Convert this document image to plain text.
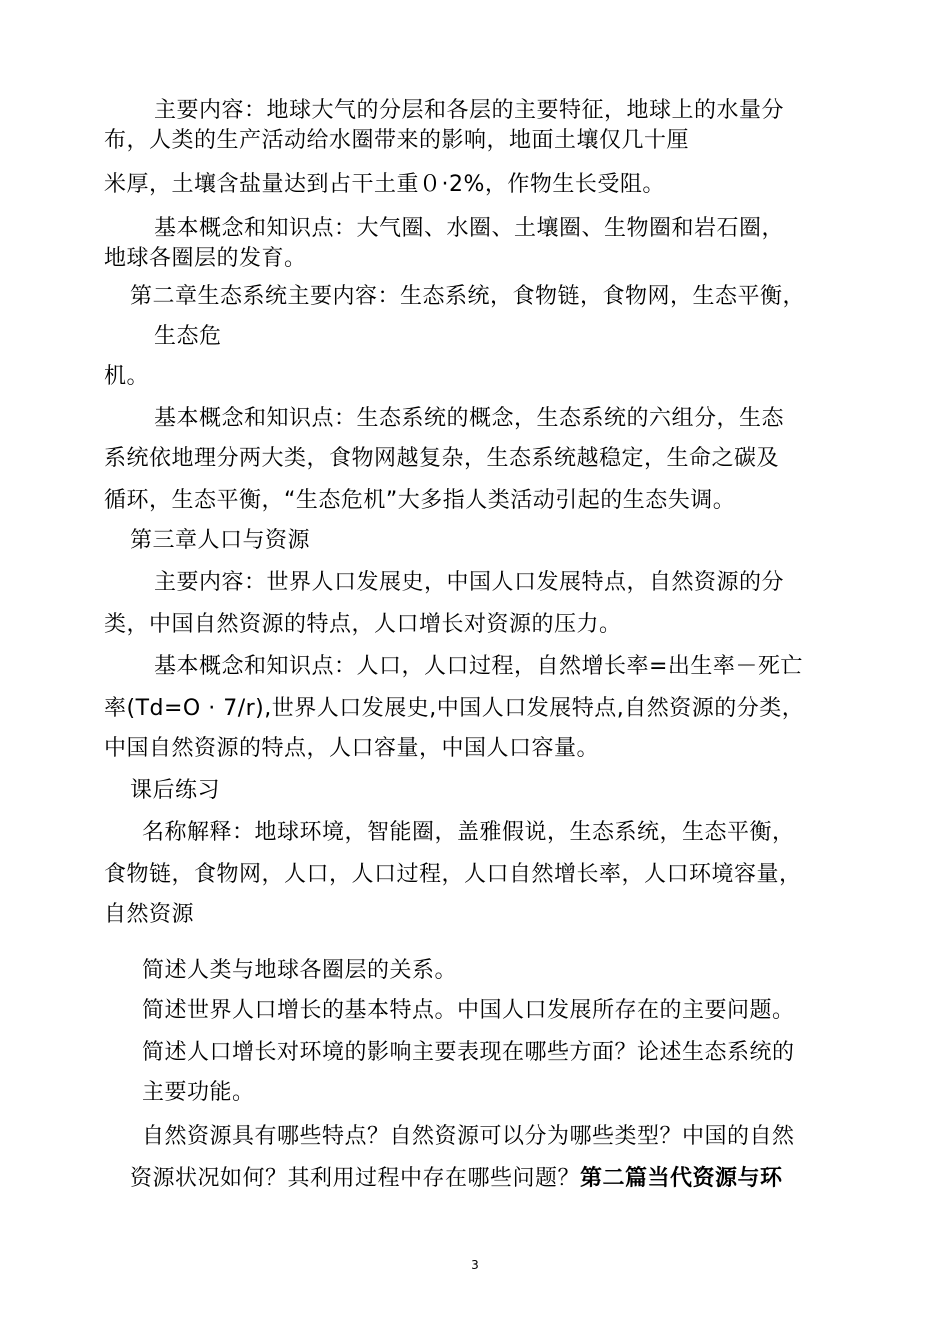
主要内容：地球大气的分层和各层的主要特征，地球上的水量分
布，人类的生产活动给水圈带来的影响，地面土壤仅几十厘
米厚，土壤含盐量达到占干土重０·2%，作物生长受阻。
基本概念和知识点：大气圈、水圈、土壤圈、生物圈和岩石圈，
地球各圈层的发育。
第二章生态系统主要内容：生态系统，食物链，食物网，生态平衡，
生态危
机。
基本概念和知识点：生态系统的概念，生态系统的六组分，生态
系统依地理分两大类，食物网越复杂，生态系统越稳定，生命之碳及
循环，生态平衡，“生态危机”大多指人类活动引起的生态失调。
第三章人口与资源
主要内容：世界人口发展史，中国人口发展特点，自然资源的分
类，中国自然资源的特点，人口增长对资源的压力。
基本概念和知识点：人口，人口过程，自然增长率=出生率－死亡
率(Td=O · 7/r),世界人口发展史,中国人口发展特点,自然资源的分类，
中国自然资源的特点，人口容量，中国人口容量。
课后练习
名称解释：地球环境，智能圈，盖雅假说，生态系统，生态平衡，
食物链，食物网，人口，人口过程，人口自然增长率，人口环境容量，
自然资源
简述人类与地球各圈层的关系。
简述世界人口增长的基本特点。中国人口发展所存在的主要问题。
简述人口增长对环境的影响主要表现在哪些方面？论述生态系统的
主要功能。
自然资源具有哪些特点？自然资源可以分为哪些类型？中国的自然
资源状况如何？其利用过程中存在哪些问题？第二篇当代资源与环
3
